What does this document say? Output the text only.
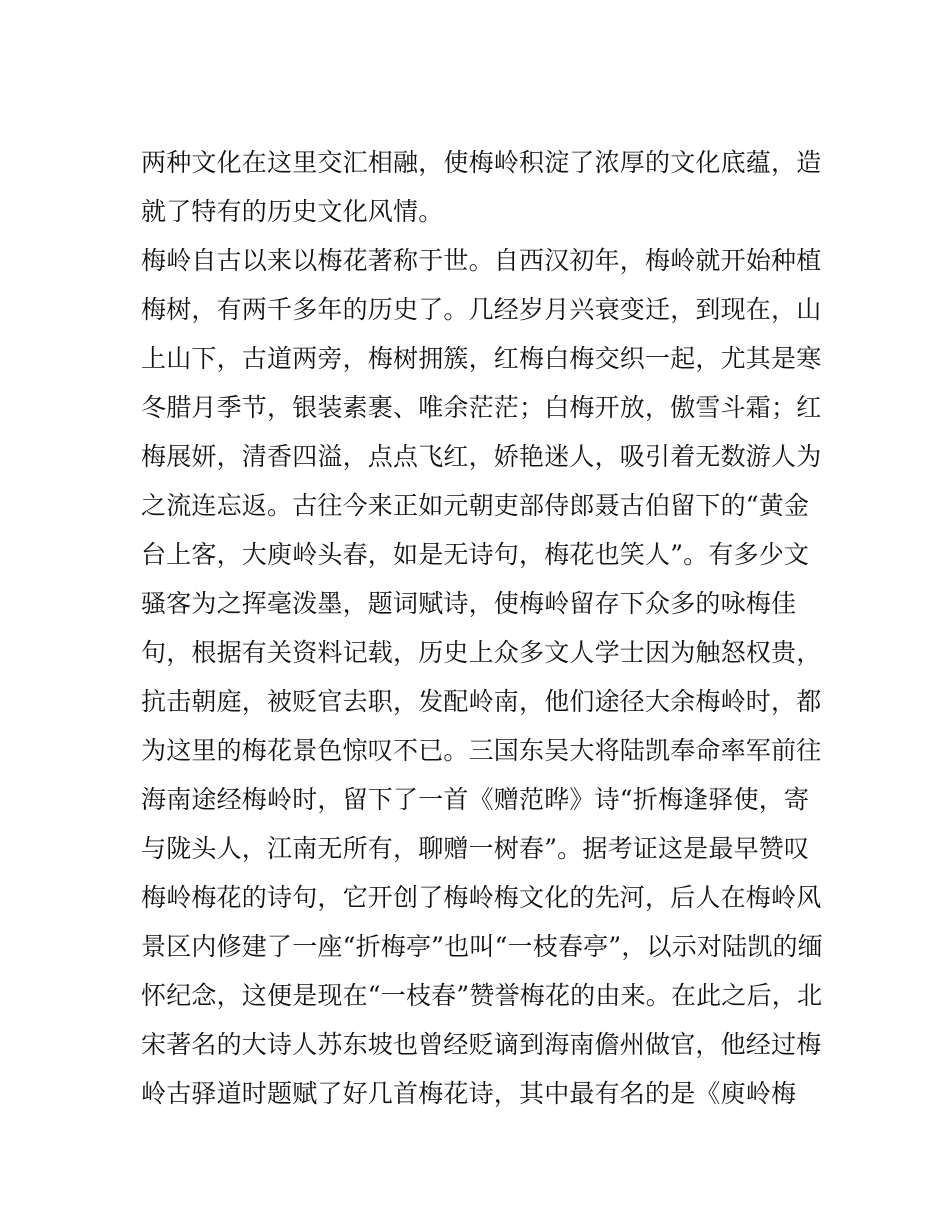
两种文化在这里交汇相融，使梅岭积淀了浓厚的文化底蕴，造
就了特有的历史文化风情。
梅岭自古以来以梅花著称于世。自西汉初年，梅岭就开始种植
梅树，有两千多年的历史了。几经岁月兴衰变迁，到现在，山
上山下，古道两旁，梅树拥簇，红梅白梅交织一起，尤其是寒
冬腊月季节，银装素裹、唯余茫茫；白梅开放，傲雪斗霜；红
梅展妍，清香四溢，点点飞红，娇艳迷人，吸引着无数游人为
之流连忘返。古往今来正如元朝吏部侍郎聂古伯留下的“黄金
台上客，大庾岭头春，如是无诗句，梅花也笑人”。有多少文
骚客为之挥毫泼墨，题词赋诗，使梅岭留存下众多的咏梅佳
句，根据有关资料记载，历史上众多文人学士因为触怒权贵，
抗击朝庭，被贬官去职，发配岭南，他们途径大余梅岭时，都
为这里的梅花景色惊叹不已。三国东吴大将陆凯奉命率军前往
海南途经梅岭时，留下了一首《赠范晔》诗“折梅逢驿使，寄
与陇头人，江南无所有，聊赠一树春”。据考证这是最早赞叹
梅岭梅花的诗句，它开创了梅岭梅文化的先河，后人在梅岭风
景区内修建了一座“折梅亭”也叫“一枝春亭”，以示对陆凯的缅
怀纪念，这便是现在“一枝春”赞誉梅花的由来。在此之后，北
宋著名的大诗人苏东坡也曾经贬谪到海南儋州做官，他经过梅
岭古驿道时题赋了好几首梅花诗，其中最有名的是《庾岭梅
